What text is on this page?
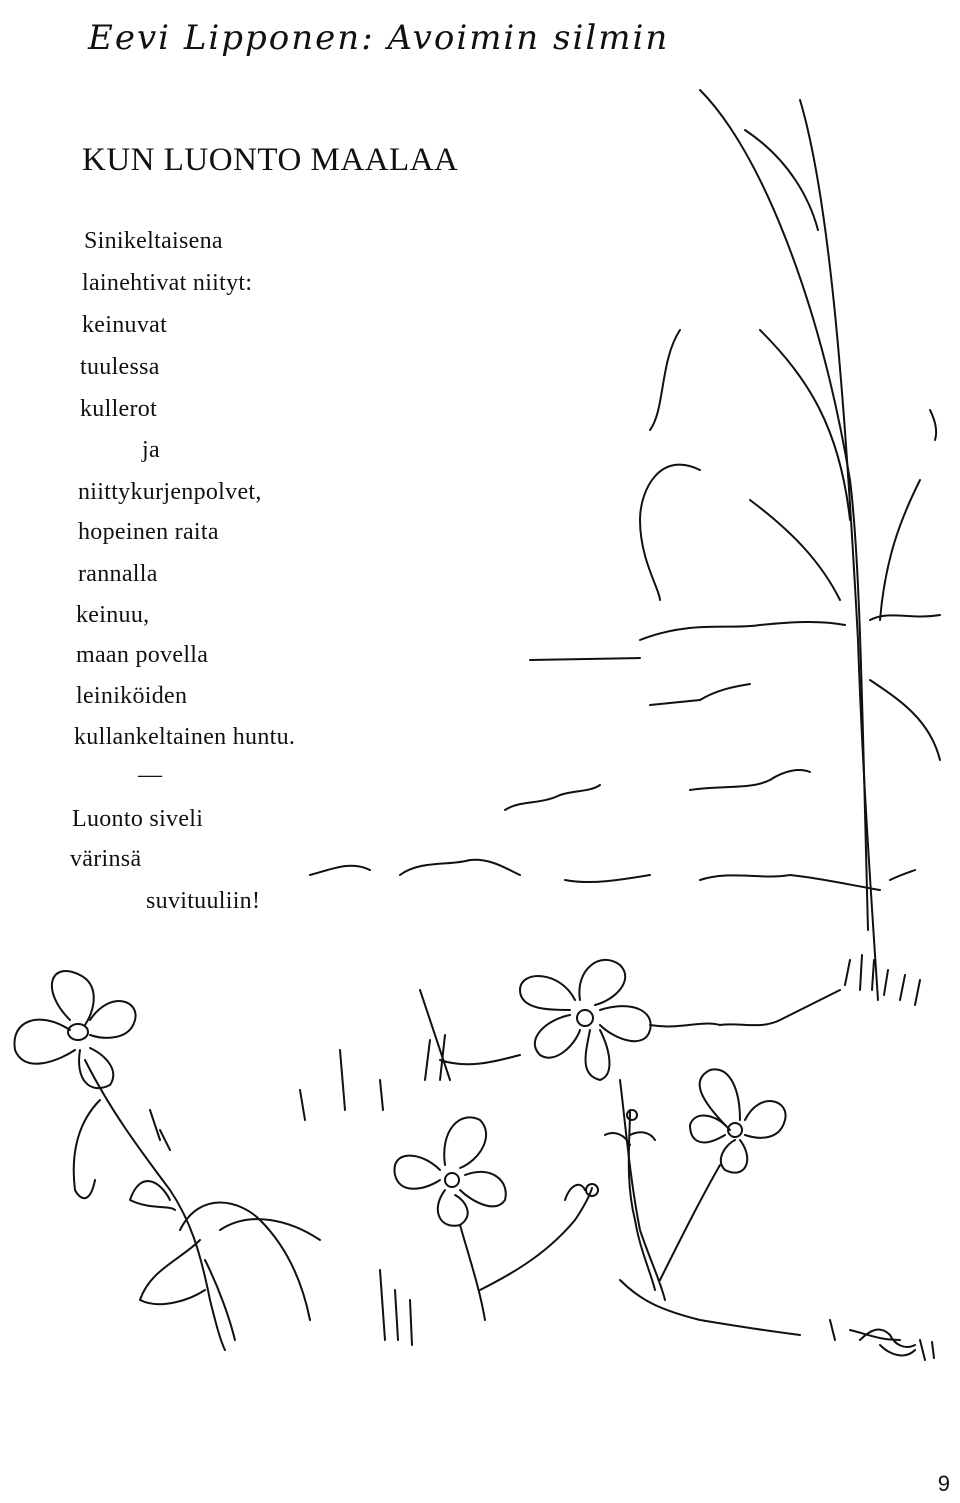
Eevi Lipponen: Avoimin silmin
KUN LUONTO MAALAA
Sinikeltaisena
lainehtivat niityt:
keinuvat
tuulessa
kullerot
ja
niittykurjenpolvet,
hopeinen raita
rannalla
keinuu,
maan povella
leiniköiden
kullankeltainen huntu.
—
Luonto siveli
värinsä
suvituuliin!
9
